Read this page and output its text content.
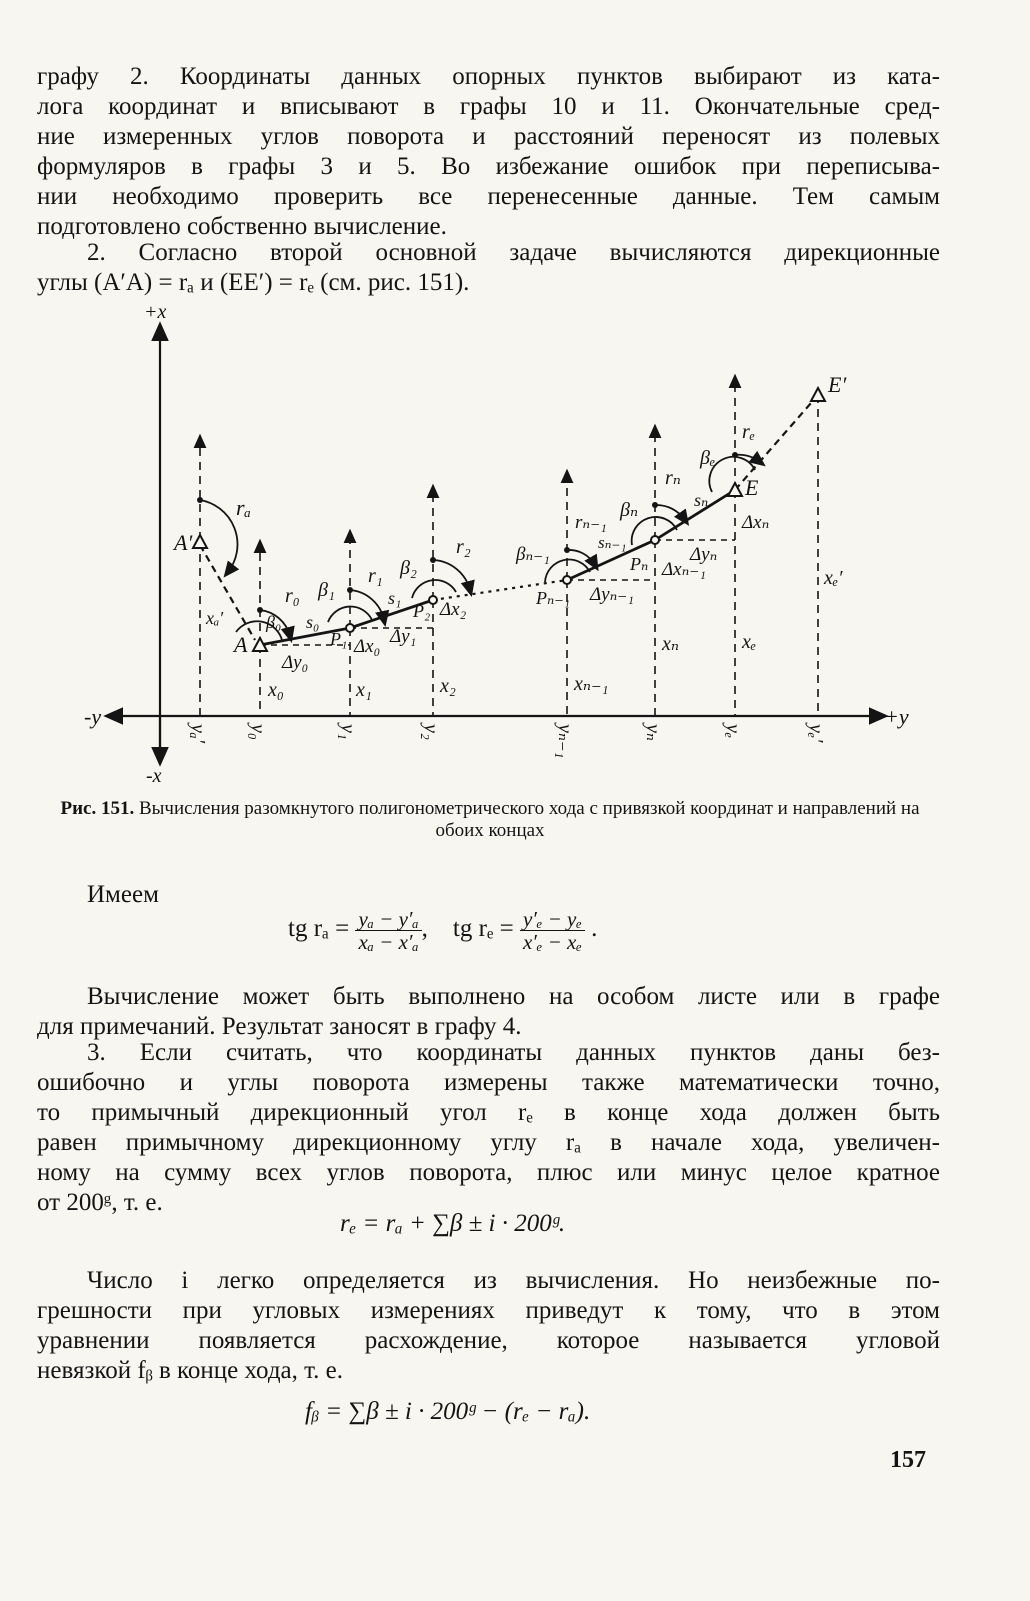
графу 2. Координаты данных опорных пунктов выбирают из ката-
лога координат и вписывают в графы 10 и 11. Окончательные сред-
ние измеренных углов поворота и расстояний переносят из полевых
формуляров в графы 3 и 5. Во избежание ошибок при переписыва-
нии необходимо проверить все перенесенные данные. Тем самым
подготовлено собственно вычисление.
2. Согласно второй основной задаче вычисляются дирекционные
углы (A′A) = rₐ и (EE′) = rₑ (см. рис. 151).
+x
-x
-y	+y
A′
A
E
E′
rₐ
r₀
r₁
r₂
rₙ₋₁
rₙ
rₑ
β₀
β₁
β₂
βₙ₋₁
βₙ
βₑ
s₀
s₁
sₙ₋₁
sₙ
P₁
P₂
Pₙ₋₁
Pₙ
Δx₀
Δx₂
Δxₙ₋₁
Δxₙ
Δy₀
Δy₁
Δyₙ₋₁
Δyₙ
xₐ′
x₀	x₁	x₂	xₙ₋₁
xₙ	xₑ
xₑ′
yₐ′ y₀	y₁	y₂	yₙ₋₁	yₙ	yₑ	yₑ′
Рис. 151. Вычисления разомкнутого полигонометрического хода с привязкой координат и направлений на обоих концах
Имеем
tg $r_a = \frac{\text{yₐ − y′ₐ}}{\text{xₐ − x′ₐ}}$ , tg $r_e = \frac{\text{y′ₑ − yₑ}}{\text{x′ₑ − xₑ}}$ .
Вычисление может быть выполнено на особом листе или в графе
для примечаний. Результат заносят в графу 4.
3. Если считать, что координаты данных пунктов даны без-
ошибочно и углы поворота измерены также математически точно,
то примычный дирекционный угол rₑ в конце хода должен быть
равен примычному дирекционному углу rₐ в начале хода, увеличен-
ному на сумму всех углов поворота, плюс или минус целое кратное
от 200ᵍ, т. е.
rₑ = rₐ + ∑β ± i · 200ᵍ.
Число i легко определяется из вычисления. Но неизбежные по-
грешности при угловых измерениях приведут к тому, что в этом
уравнении появляется расхождение, которое называется угловой
невязкой fᵦ в конце хода, т. е.
fᵦ = ∑β ± i · 200ᵍ − (rₑ − rₐ).
157
